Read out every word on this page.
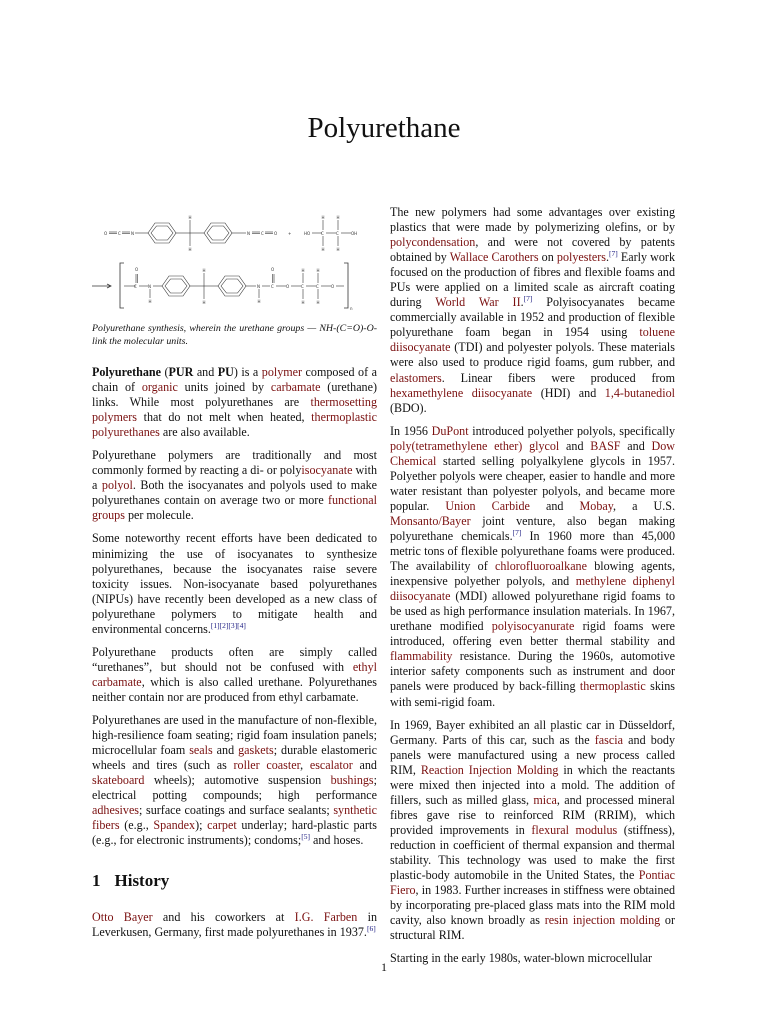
Polyurethane
O	C	N
H
H
N	C	O	+	HO	C
H
H
C
H
H
OH
C
O
N
H
H
H
N
H
C
O
O	C
H
H
C
H
H
O
n
Polyurethane synthesis, wherein the urethane groups — NH-(C=O)-O- link the molecular units.

Polyurethane (PUR and PU) is a polymer composed of a chain of organic units joined by carbamate (urethane) links. While most polyurethanes are thermosetting polymers that do not melt when heated, thermoplastic polyurethanes are also available.

Polyurethane polymers are traditionally and most commonly formed by reacting a di- or polyisocyanate with a polyol. Both the isocyanates and polyols used to make polyurethanes contain on average two or more functional groups per molecule.

Some noteworthy recent efforts have been dedicated to minimizing the use of isocyanates to synthesize polyurethanes, because the isocyanates raise severe toxicity issues. Non-isocyanate based polyurethanes (NIPUs) have recently been developed as a new class of polyurethane polymers to mitigate health and environmental concerns.[1][2][3][4]

Polyurethane products often are simply called “urethanes”, but should not be confused with ethyl carbamate, which is also called urethane. Polyurethanes neither contain nor are produced from ethyl carbamate.

Polyurethanes are used in the manufacture of non-flexible, high-resilience foam seating; rigid foam insulation panels; microcellular foam seals and gaskets; durable elastomeric wheels and tires (such as roller coaster, escalator and skateboard wheels); automotive suspension bushings; electrical potting compounds; high performance adhesives; surface coatings and surface sealants; synthetic fibers (e.g., Spandex); carpet underlay; hard-plastic parts (e.g., for electronic instruments); condoms;[5] and hoses.

1 History

Otto Bayer and his coworkers at I.G. Farben in Leverkusen, Germany, first made polyurethanes in 1937.[6]

The new polymers had some advantages over existing plastics that were made by polymerizing olefins, or by polycondensation, and were not covered by patents obtained by Wallace Carothers on polyesters.[7] Early work focused on the production of fibres and flexible foams and PUs were applied on a limited scale as aircraft coating during World War II.[7] Polyisocyanates became commercially available in 1952 and production of flexible polyurethane foam began in 1954 using toluene diisocyanate (TDI) and polyester polyols. These materials were also used to produce rigid foams, gum rubber, and elastomers. Linear fibers were produced from hexamethylene diisocyanate (HDI) and 1,4-butanediol (BDO).

In 1956 DuPont introduced polyether polyols, specifically poly(tetramethylene ether) glycol and BASF and Dow Chemical started selling polyalkylene glycols in 1957. Polyether polyols were cheaper, easier to handle and more water resistant than polyester polyols, and became more popular. Union Carbide and Mobay, a U.S. Monsanto/Bayer joint venture, also began making polyurethane chemicals.[7] In 1960 more than 45,000 metric tons of flexible polyurethane foams were produced. The availability of chlorofluoroalkane blowing agents, inexpensive polyether polyols, and methylene diphenyl diisocyanate (MDI) allowed polyurethane rigid foams to be used as high performance insulation materials. In 1967, urethane modified polyisocyanurate rigid foams were introduced, offering even better thermal stability and flammability resistance. During the 1960s, automotive interior safety components such as instrument and door panels were produced by back-filling thermoplastic skins with semi-rigid foam.

In 1969, Bayer exhibited an all plastic car in Düsseldorf, Germany. Parts of this car, such as the fascia and body panels were manufactured using a new process called RIM, Reaction Injection Molding in which the reactants were mixed then injected into a mold. The addition of fillers, such as milled glass, mica, and processed mineral fibres gave rise to reinforced RIM (RRIM), which provided improvements in flexural modulus (stiffness), reduction in coefficient of thermal expansion and thermal stability. This technology was used to make the first plastic-body automobile in the United States, the Pontiac Fiero, in 1983. Further increases in stiffness were obtained by incorporating pre-placed glass mats into the RIM mold cavity, also known broadly as resin injection molding or structural RIM.

Starting in the early 1980s, water-blown microcellular

1
